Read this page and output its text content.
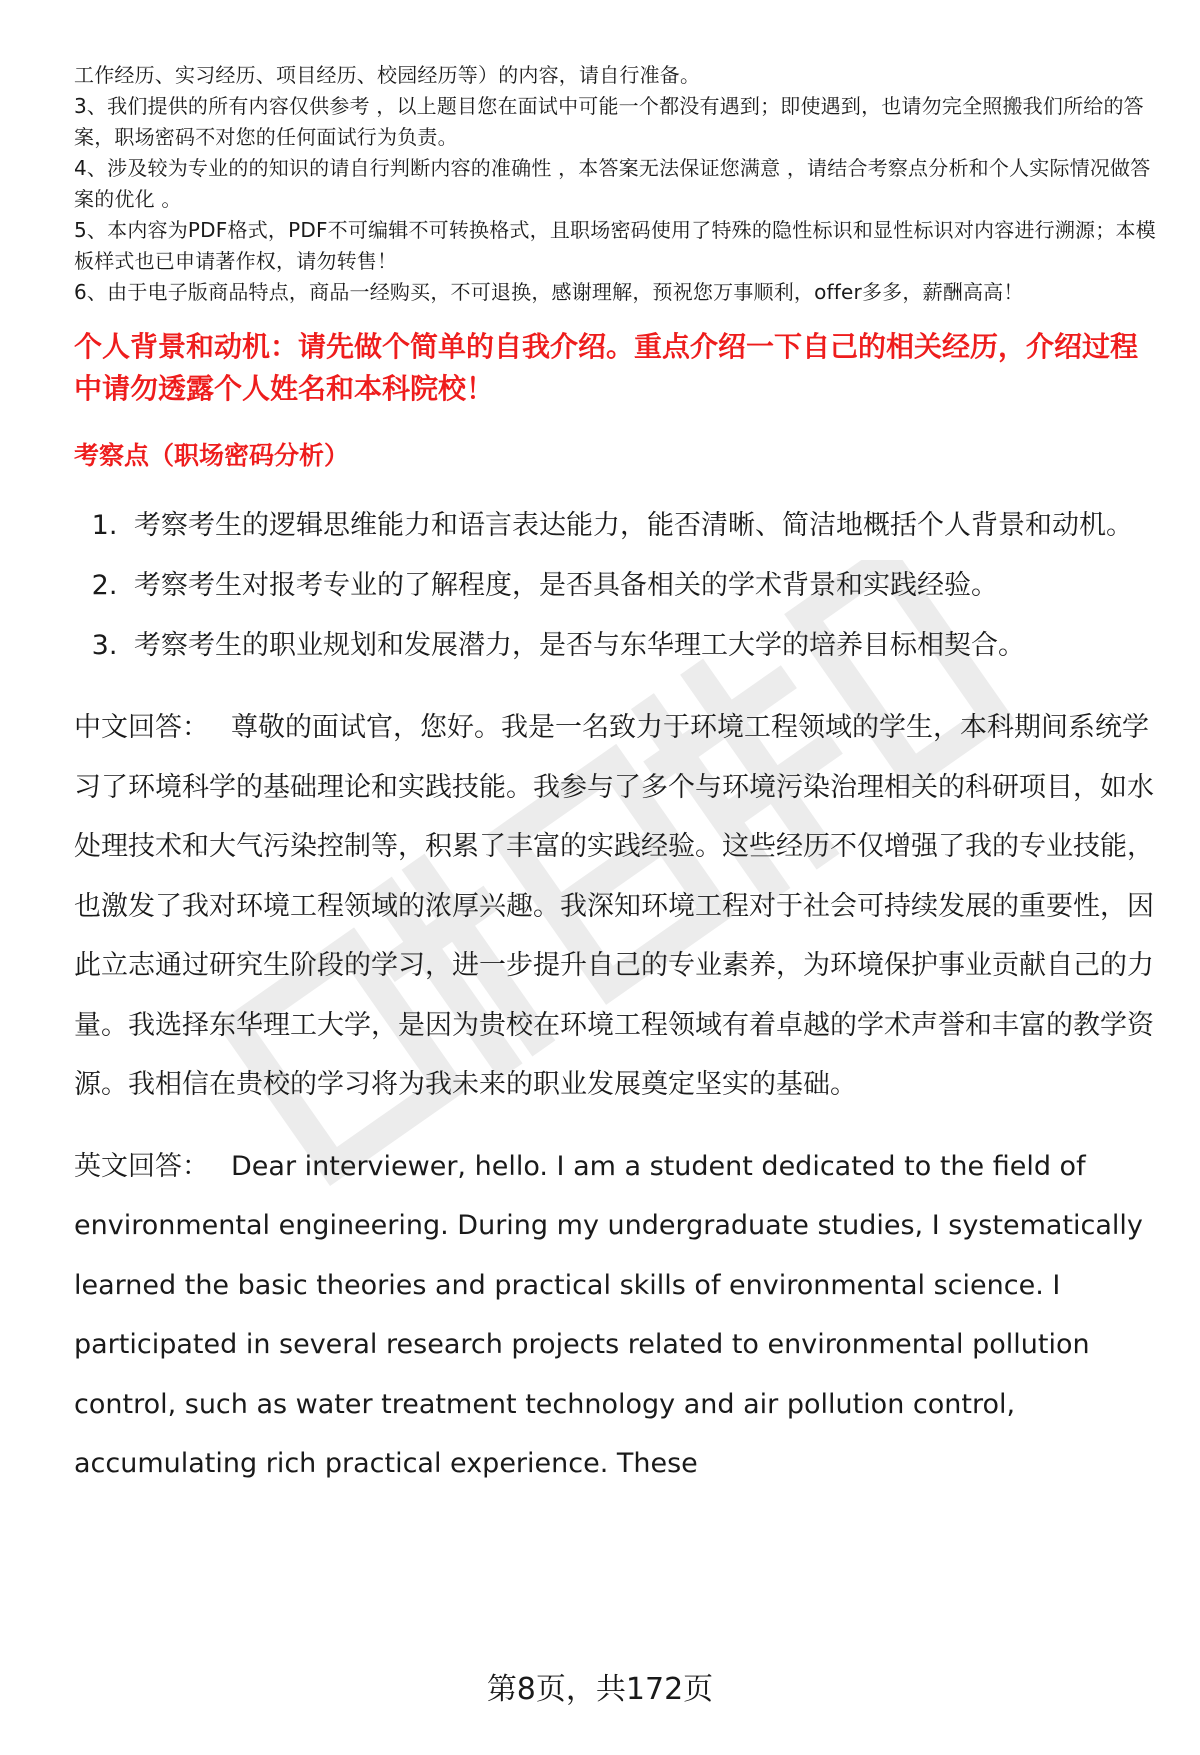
工作经历、实习经历、项目经历、校园经历等）的内容，请自行准备。

3、我们提供的所有内容仅供参考 ，以上题目您在面试中可能一个都没有遇到；即使遇到，也请勿完全照搬我们所给的答案，职场密码不对您的任何面试行为负责。

4、涉及较为专业的的知识的请自行判断内容的准确性 ，本答案无法保证您满意 ，请结合考察点分析和个人实际情况做答案的优化 。

5、本内容为PDF格式，PDF不可编辑不可转换格式，且职场密码使用了特殊的隐性标识和显性标识对内容进行溯源；本模板样式也已申请著作权，请勿转售！

6、由于电子版商品特点，商品一经购买，不可退换，感谢理解，预祝您万事顺利，offer多多，薪酬高高！

个人背景和动机：请先做个简单的自我介绍。重点介绍一下自己的相关经历，介绍过程中请勿透露个人姓名和本科院校！
考察点（职场密码分析）
1. 考察考生的逻辑思维能力和语言表达能力，能否清晰、简洁地概括个人背景和动机。
2. 考察考生对报考专业的了解程度，是否具备相关的学术背景和实践经验。
3. 考察考生的职业规划和发展潜力，是否与东华理工大学的培养目标相契合。

中文回答： 尊敬的面试官，您好。我是一名致力于环境工程领域的学生，本科期间系统学习了环境科学的基础理论和实践技能。我参与了多个与环境污染治理相关的科研项目，如水处理技术和大气污染控制等，积累了丰富的实践经验。这些经历不仅增强了我的专业技能，也激发了我对环境工程领域的浓厚兴趣。我深知环境工程对于社会可持续发展的重要性，因此立志通过研究生阶段的学习，进一步提升自己的专业素养，为环境保护事业贡献自己的力量。我选择东华理工大学，是因为贵校在环境工程领域有着卓越的学术声誉和丰富的教学资源。我相信在贵校的学习将为我未来的职业发展奠定坚实的基础。

英文回答： Dear interviewer, hello. I am a student dedicated to the field of environmental engineering. During my undergraduate studies, I systematically learned the basic theories and practical skills of environmental science. I participated in several research projects related to environmental pollution control, such as water treatment technology and air pollution control, accumulating rich practical experience. These

第8页，共172页
